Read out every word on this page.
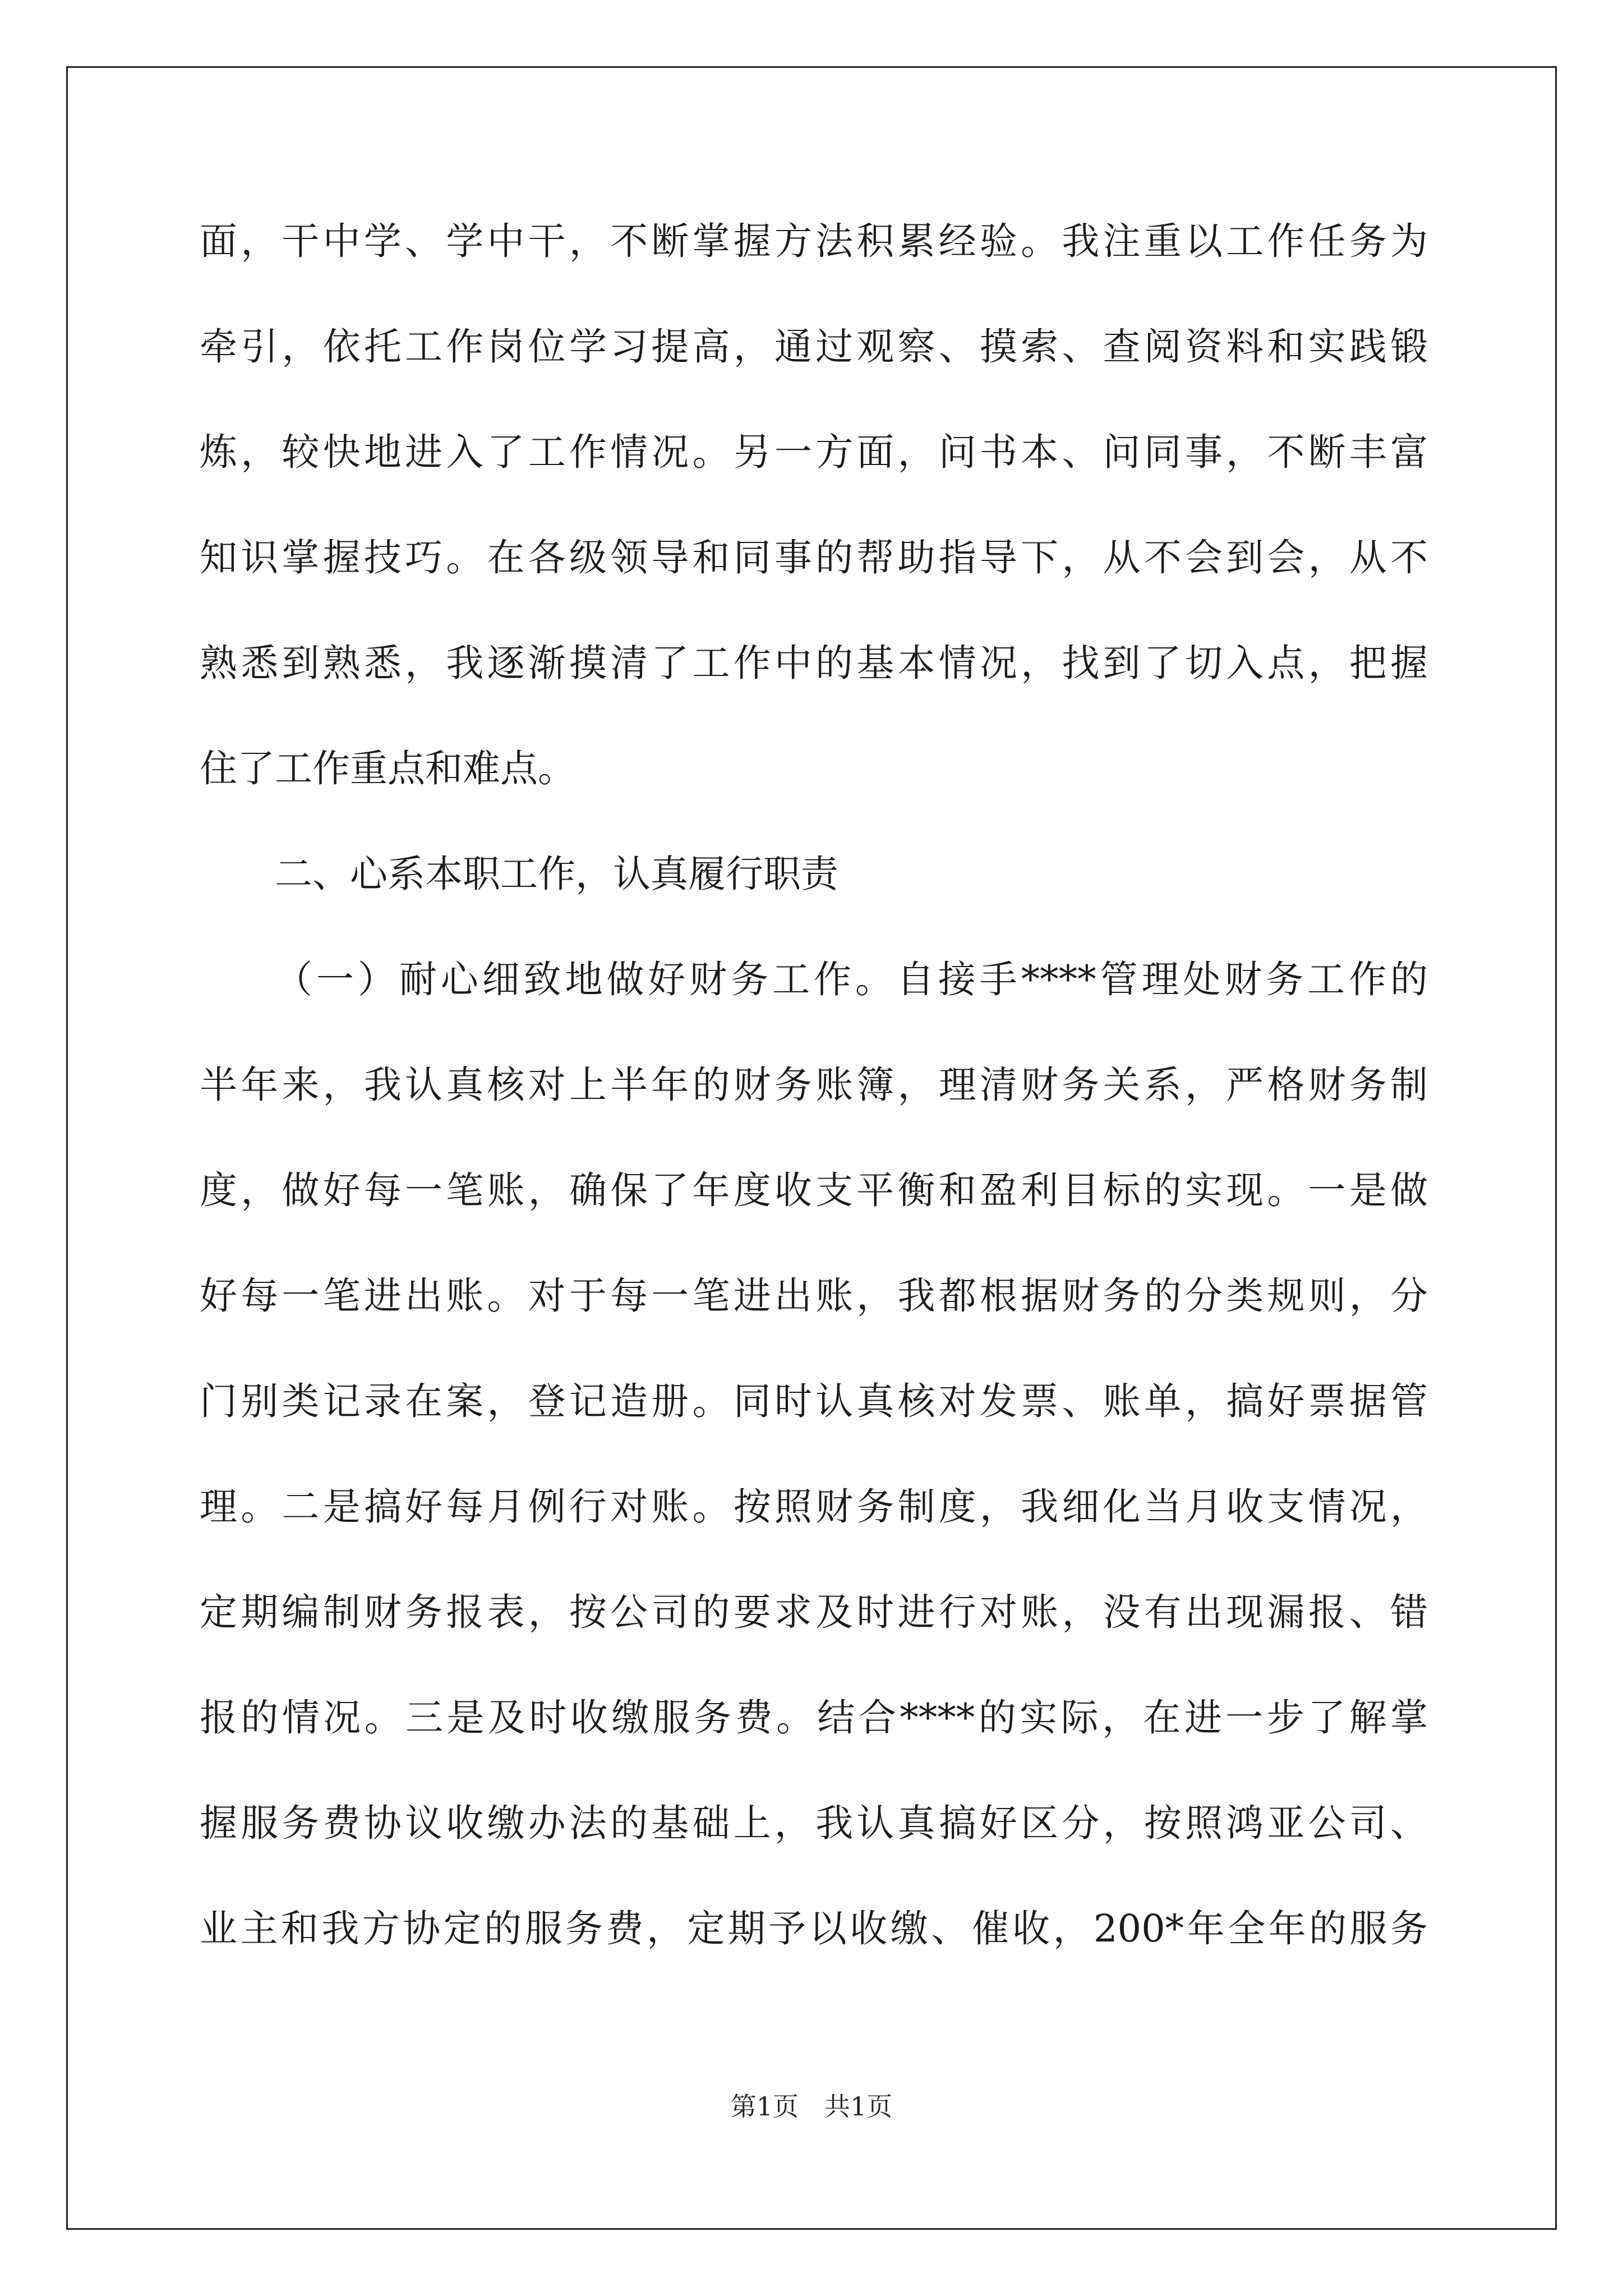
面，干中学、学中干，不断掌握方法积累经验。我注重以工作任务为
牵引，依托工作岗位学习提高，通过观察、摸索、查阅资料和实践锻
炼，较快地进入了工作情况。另一方面，问书本、问同事，不断丰富
知识掌握技巧。在各级领导和同事的帮助指导下，从不会到会，从不
熟悉到熟悉，我逐渐摸清了工作中的基本情况，找到了切入点，把握
住了工作重点和难点。
二、心系本职工作，认真履行职责
（一）耐心细致地做好财务工作。自接手****管理处财务工作的
半年来，我认真核对上半年的财务账簿，理清财务关系，严格财务制
度，做好每一笔账，确保了年度收支平衡和盈利目标的实现。一是做
好每一笔进出账。对于每一笔进出账，我都根据财务的分类规则，分
门别类记录在案，登记造册。同时认真核对发票、账单，搞好票据管
理。二是搞好每月例行对账。按照财务制度，我细化当月收支情况，
定期编制财务报表，按公司的要求及时进行对账，没有出现漏报、错
报的情况。三是及时收缴服务费。结合****的实际，在进一步了解掌
握服务费协议收缴办法的基础上，我认真搞好区分，按照鸿亚公司、
业主和我方协定的服务费，定期予以收缴、催收，200*年全年的服务
第1页　共1页
